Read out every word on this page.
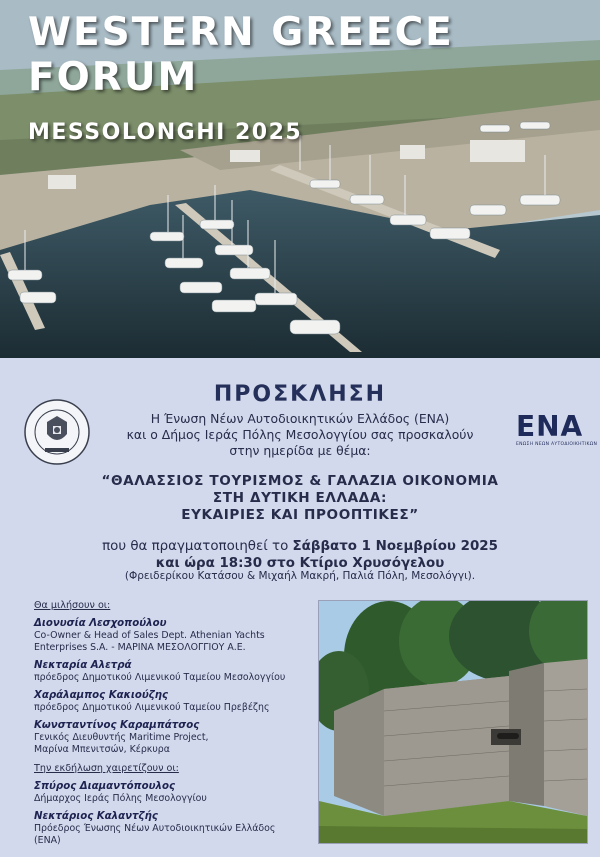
WESTERN GREECE
FORUM
MESSOLONGHI 2025
ΠΡΟΣΚΛΗΣΗ
ΕΝΑ
ΕΝΩΣΗ ΝΕΩΝ ΑΥΤΟΔΙΟΙΚΗΤΙΚΩΝ
Η Ένωση Νέων Αυτοδιοικητικών Ελλάδος (ΕΝΑ)
και ο Δήμος Ιεράς Πόλης Μεσολογγίου σας προσκαλούν
στην ημερίδα με θέμα:
“ΘΑΛΑΣΣΙΟΣ ΤΟΥΡΙΣΜΟΣ & ΓΑΛΑΖΙΑ ΟΙΚΟΝΟΜΙΑ
ΣΤΗ ΔΥΤΙΚΗ ΕΛΛΑΔΑ:
ΕΥΚΑΙΡΙΕΣ ΚΑΙ ΠΡΟΟΠΤΙΚΕΣ”
που θα πραγματοποιηθεί το Σάββατο 1 Νοεμβρίου 2025
και ώρα 18:30 στο Κτίριο Χρυσόγελου
(Φρειδερίκου Κατάσου & Μιχαήλ Μακρή, Παλιά Πόλη, Μεσολόγγι).
Θα μιλήσουν οι:
Διονυσία Λεσχοπούλου
Co-Owner & Head of Sales Dept. Athenian Yachts
Enterprises S.A. - ΜΑΡΙΝΑ ΜΕΣΟΛΟΓΓΙΟΥ Α.Ε.
Νεκταρία Αλετρά
πρόεδρος Δημοτικού Λιμενικού Ταμείου Μεσολογγίου
Χαράλαμπος Κακιούζης
πρόεδρος Δημοτικού Λιμενικού Ταμείου Πρεβέζης
Κωνσταντίνος Καραμπάτσος
Γενικός Διευθυντής Maritime Project,
Μαρίνα Μπενιτσών, Κέρκυρα
Την εκδήλωση χαιρετίζουν οι:
Σπύρος Διαμαντόπουλος
Δήμαρχος Ιεράς Πόλης Μεσολογγίου
Νεκτάριος Καλαντζής
Πρόεδρος Ένωσης Νέων Αυτοδιοικητικών Ελλάδος
(ΕΝΑ)
